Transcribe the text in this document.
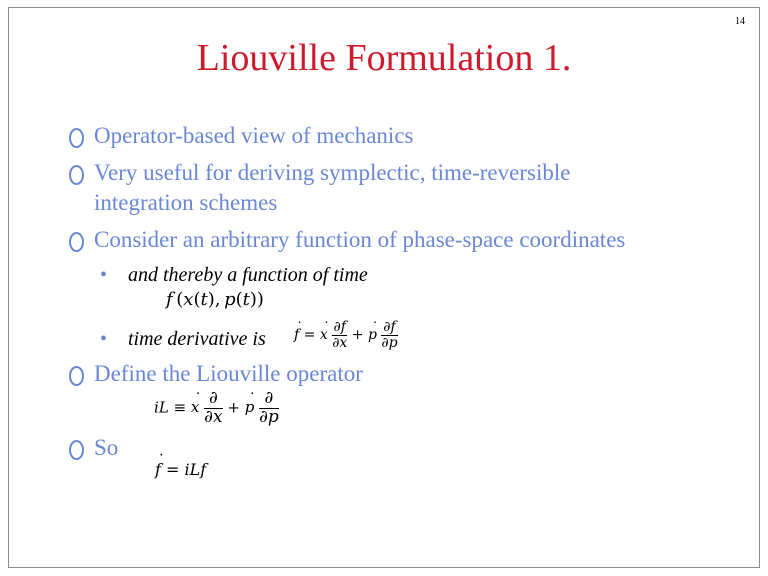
14
Liouville Formulation 1.
Operator-based view of mechanics
Very useful for deriving symplectic, time-reversible
integration schemes
Consider an arbitrary function of phase-space coordinates
• and thereby a function of time
f (x(t), p(t))
• time derivative is ˙ f = ˙ x $\frac{\partial f}{\partial x}$ + ˙ p $\frac{\partial f}{\partial p}$
Define the Liouville operator
iL ≡ ˙ x $\frac{\partial}{\partial x}$ + ˙ p $\frac{\partial}{\partial p}$
So
˙ f = iLf
